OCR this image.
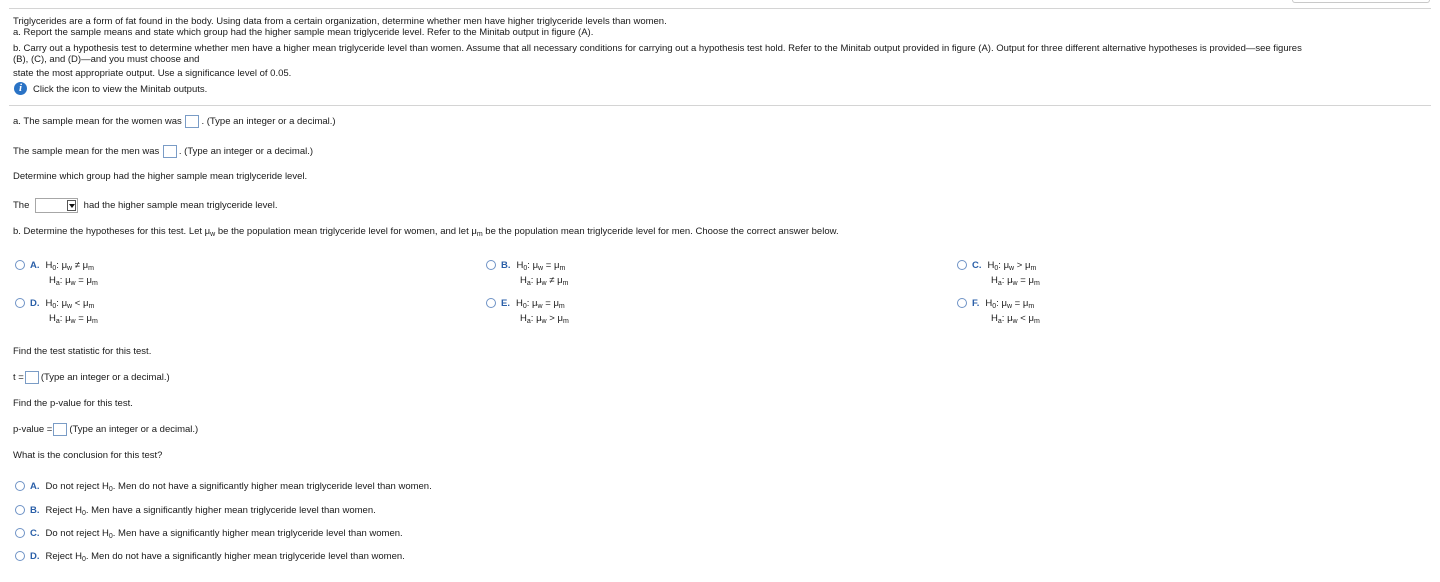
Triglycerides are a form of fat found in the body. Using data from a certain organization, determine whether men have higher triglyceride levels than women.
a. Report the sample means and state which group had the higher sample mean triglyceride level. Refer to the Minitab output in figure (A).
b. Carry out a hypothesis test to determine whether men have a higher mean triglyceride level than women. Assume that all necessary conditions for carrying out a hypothesis test hold. Refer to the Minitab output provided in figure (A). Output for three different alternative hypotheses is provided—see figures
(B), (C), and (D)—and you must choose and
state the most appropriate output. Use a significance level of 0.05.
i	Click the icon to view the Minitab outputs.
a. The sample mean for the women was . (Type an integer or a decimal.)
The sample mean for the men was . (Type an integer or a decimal.)
Determine which group had the higher sample mean triglyceride level.
The	had the higher sample mean triglyceride level.
b. Determine the hypotheses for this test. Let $\mu_w$ be the population mean triglyceride level for women, and let $\mu_m$ be the population mean triglyceride level for men. Choose the correct answer below.
A. $H_0$: $\mu_w \ne \mu_m$
$H_a$: $\mu_w = \mu_m$
B. $H_0$: $\mu_w = \mu_m$
$H_a$: $\mu_w \ne \mu_m$
C. $H_0$: $\mu_w > \mu_m$
$H_a$: $\mu_w = \mu_m$
D. $H_0$: $\mu_w < \mu_m$
$H_a$: $\mu_w = \mu_m$
E. $H_0$: $\mu_w = \mu_m$
$H_a$: $\mu_w > \mu_m$
F. $H_0$: $\mu_w = \mu_m$
$H_a$: $\mu_w < \mu_m$
Find the test statistic for this test.
t = (Type an integer or a decimal.)
Find the p-value for this test.
p-value = (Type an integer or a decimal.)
What is the conclusion for this test?
A. Do not reject $H_0$. Men do not have a significantly higher mean triglyceride level than women.
B. Reject $H_0$. Men have a significantly higher mean triglyceride level than women.
C. Do not reject $H_0$. Men have a significantly higher mean triglyceride level than women.
D. Reject $H_0$. Men do not have a significantly higher mean triglyceride level than women.
